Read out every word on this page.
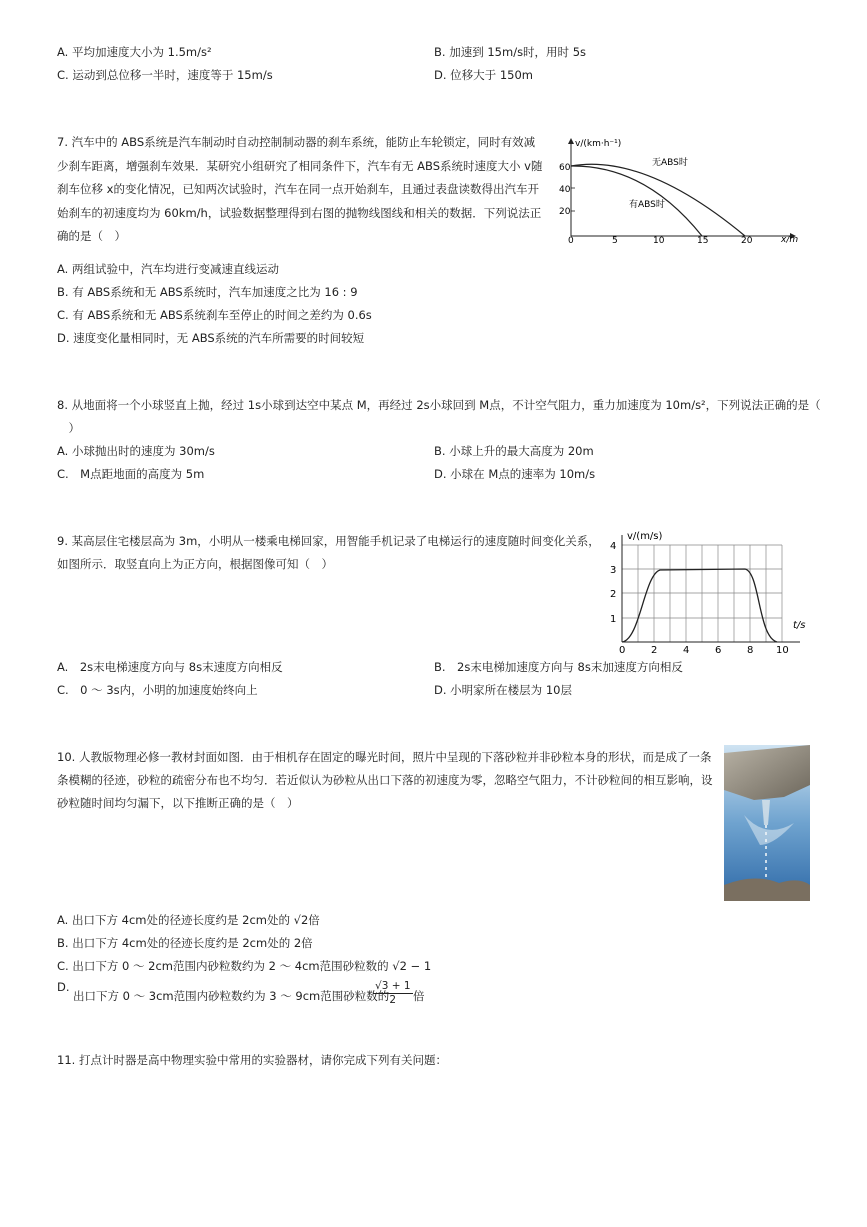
A. 平均加速度大小为 1.5m/s²	B. 加速到 15m/s时，用时 5s
C. 运动到总位移一半时，速度等于 15m/s	D. 位移大于 150m
7. 汽车中的 ABS系统是汽车制动时自动控制制动器的刹车系统，能防止车轮锁定，同时有效减
少刹车距离，增强刹车效果．某研究小组研究了相同条件下，汽车有无 ABS系统时速度大小 v随
刹车位移 x的变化情况，已知两次试验时，汽车在同一点开始刹车，且通过表盘读数得出汽车开
始刹车的初速度均为 60km/h，试验数据整理得到右图的抛物线图线和相关的数据．下列说法正
确的是（　）
v/(km·h⁻¹)
x/m
60
40
20
0	5	10	15	20
无ABS时
有ABS时
A. 两组试验中，汽车均进行变减速直线运动
B. 有 ABS系统和无 ABS系统时，汽车加速度之比为 16 : 9
C. 有 ABS系统和无 ABS系统刹车至停止的时间之差约为 0.6s
D. 速度变化量相同时，无 ABS系统的汽车所需要的时间较短
8. 从地面将一个小球竖直上抛，经过 1s小球到达空中某点 M，再经过 2s小球回到 M点，不计空气阻力，重力加速度为 10m/s²，下列说法正确的是（
　）
A. 小球抛出时的速度为 30m/s	B. 小球上升的最大高度为 20m
C.　M点距地面的高度为 5m	D. 小球在 M点的速率为 10m/s
9. 某高层住宅楼层高为 3m，小明从一楼乘电梯回家，用智能手机记录了电梯运行的速度随时间变化关系，
如图所示．取竖直向上为正方向，根据图像可知（　）
v/(m/s)
t/s
4
3
2
1
0	2	4	6	8 10
A.　2s末电梯速度方向与 8s末速度方向相反	B.　2s末电梯加速度方向与 8s末加速度方向相反
C.　0 ～ 3s内，小明的加速度始终向上	D. 小明家所在楼层为 10层
10. 人教版物理必修一教材封面如图．由于相机存在固定的曝光时间，照片中呈现的下落砂粒并非砂粒本身的形状，而是成了一条
条模糊的径迹，砂粒的疏密分布也不均匀．若近似认为砂粒从出口下落的初速度为零，忽略空气阻力，不计砂粒间的相互影响，设
砂粒随时间均匀漏下，以下推断正确的是（　）
A. 出口下方 4cm处的径迹长度约是 2cm处的 √2倍
B. 出口下方 4cm处的径迹长度约是 2cm处的 2倍
C. 出口下方 0 ～ 2cm范围内砂粒数约为 2 ～ 4cm范围砂粒数的 √2 − 1
D.
出口下方 0 ～ 3cm范围内砂粒数约为 3 ～ 9cm范围砂粒数的
$\frac{√3 + 1}{2}$ 倍
11. 打点计时器是高中物理实验中常用的实验器材，请你完成下列有关问题：
